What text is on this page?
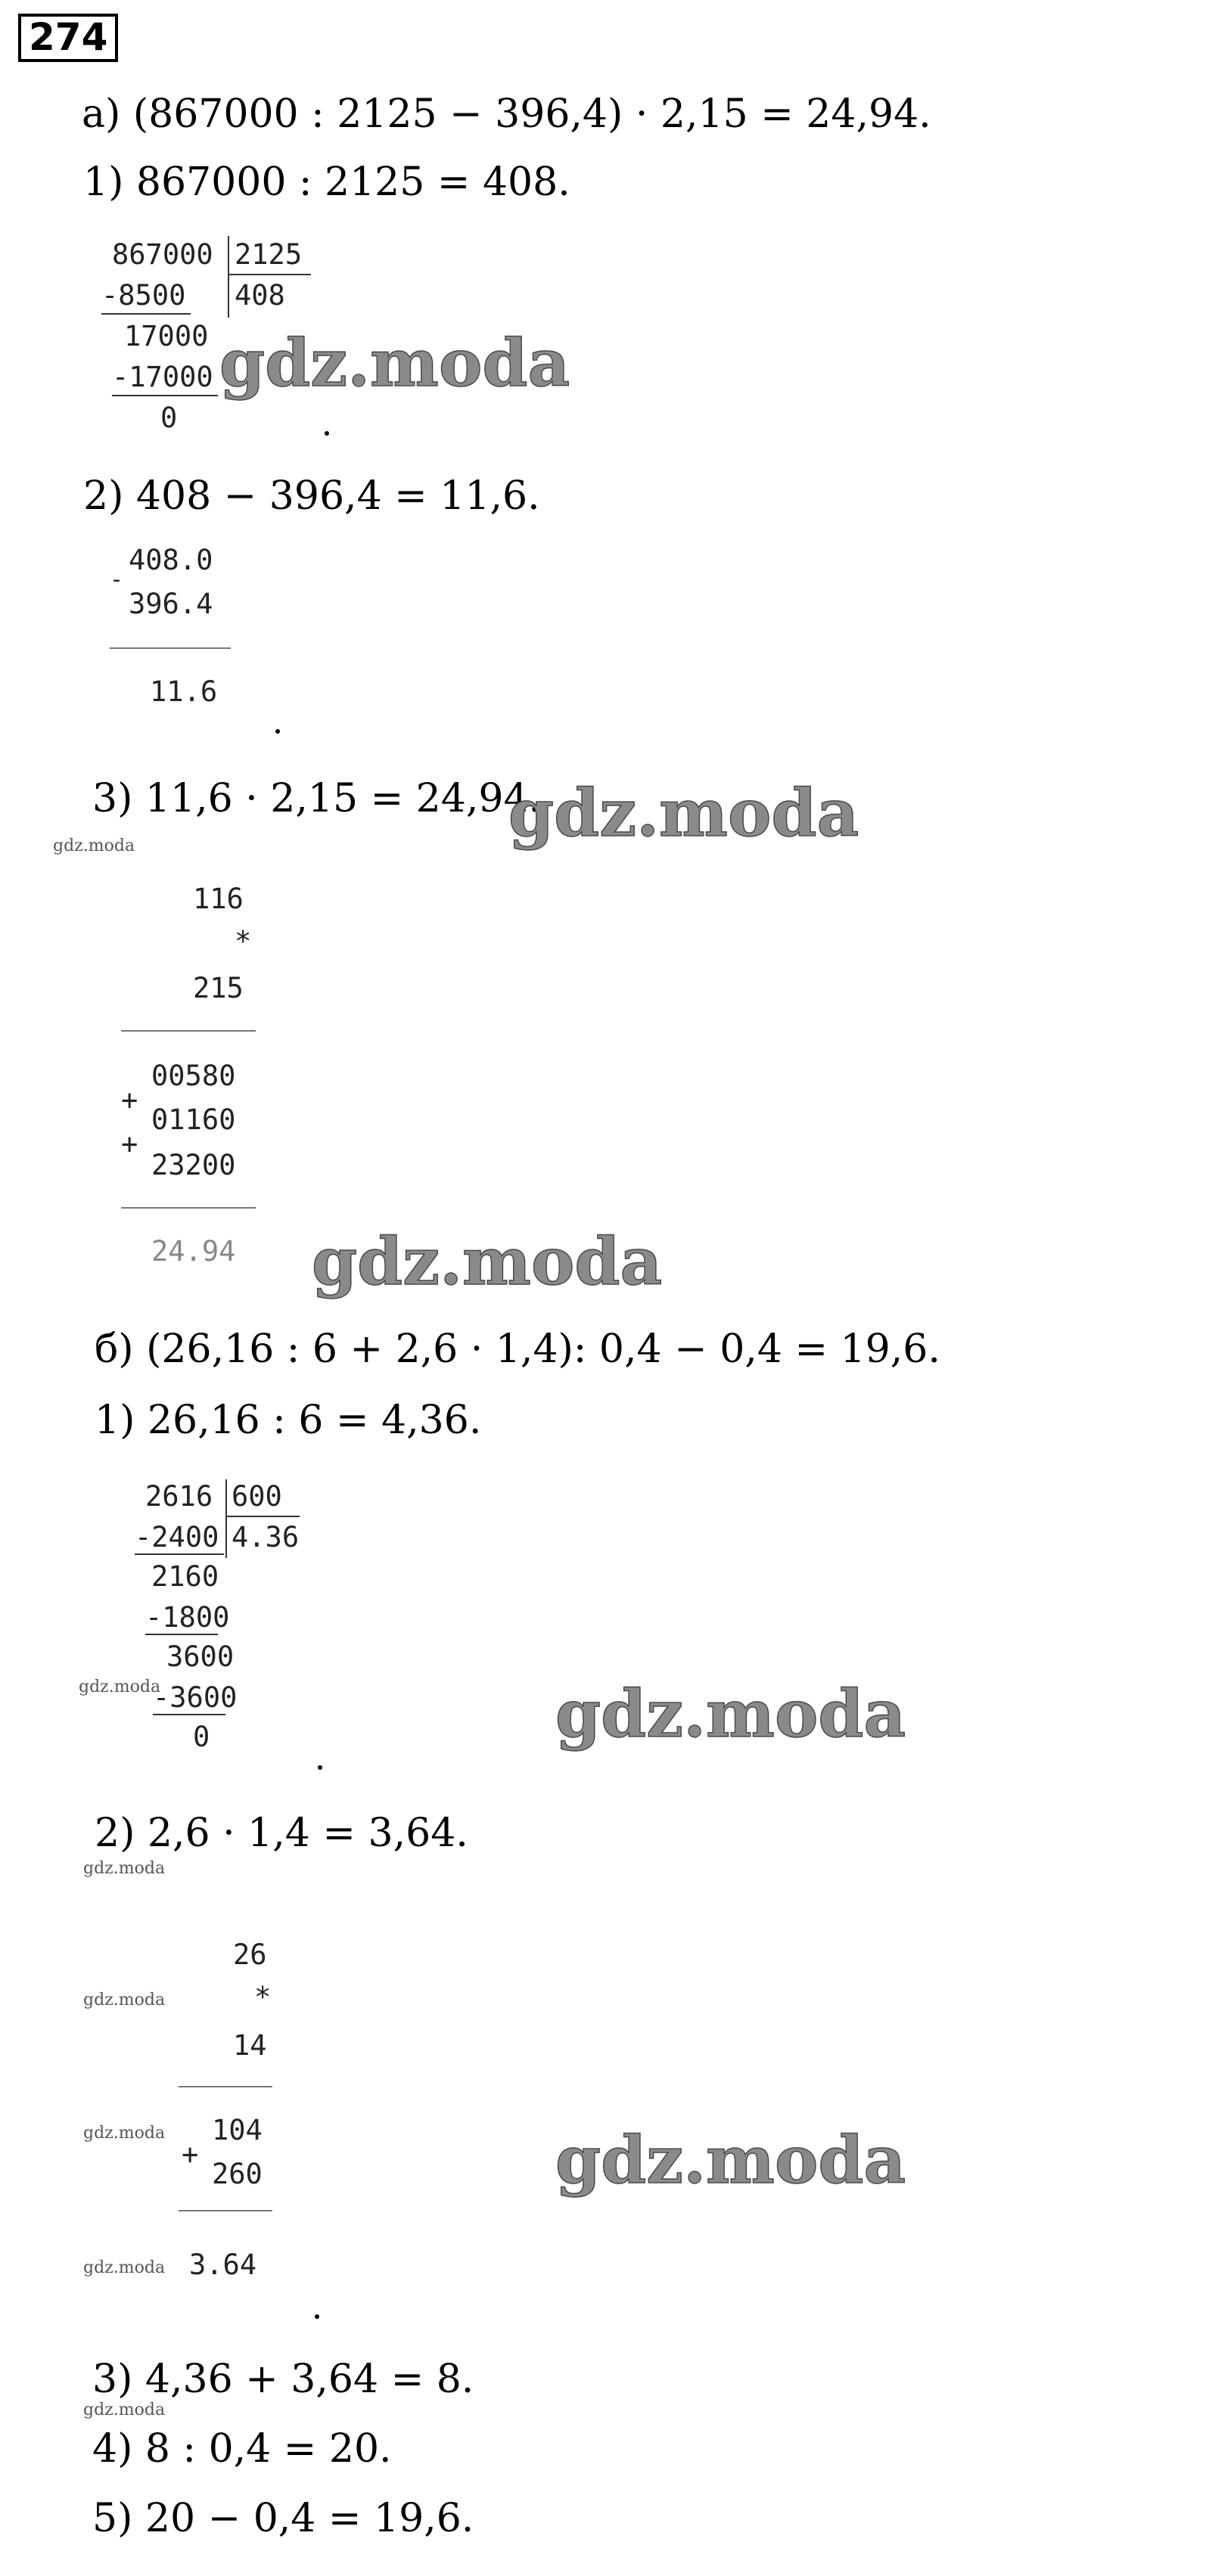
274
а) (867000 : 2125 − 396,4) · 2,15 = 24,94.
1) 867000 : 2125 = 408.
867000 2125
-8500 408
17000
-17000
0
gdz.moda
2) 408 − 396,4 = 11,6.
-
408.0
396.4
11.6
3) 11,6 · 2,15 = 24,94.
gdz.moda
gdz.moda
116
*
215
00580
+
01160
+
23200
24.94 gdz.moda
б) (26,16 : 6 + 2,6 · 1,4): 0,4 − 0,4 = 19,6.
1) 26,16 : 6 = 4,36.
2616 600
-2400 4.36
2160
-1800
3600
-3600
0
gdz.moda	gdz.moda
2) 2,6 · 1,4 = 3,64.
gdz.moda
26
gdz.moda	*
14
gdz.moda 104
+
260
gdz.moda 3.64
gdz.moda
3) 4,36 + 3,64 = 8.
gdz.moda
4) 8 : 0,4 = 20.
5) 20 − 0,4 = 19,6.
